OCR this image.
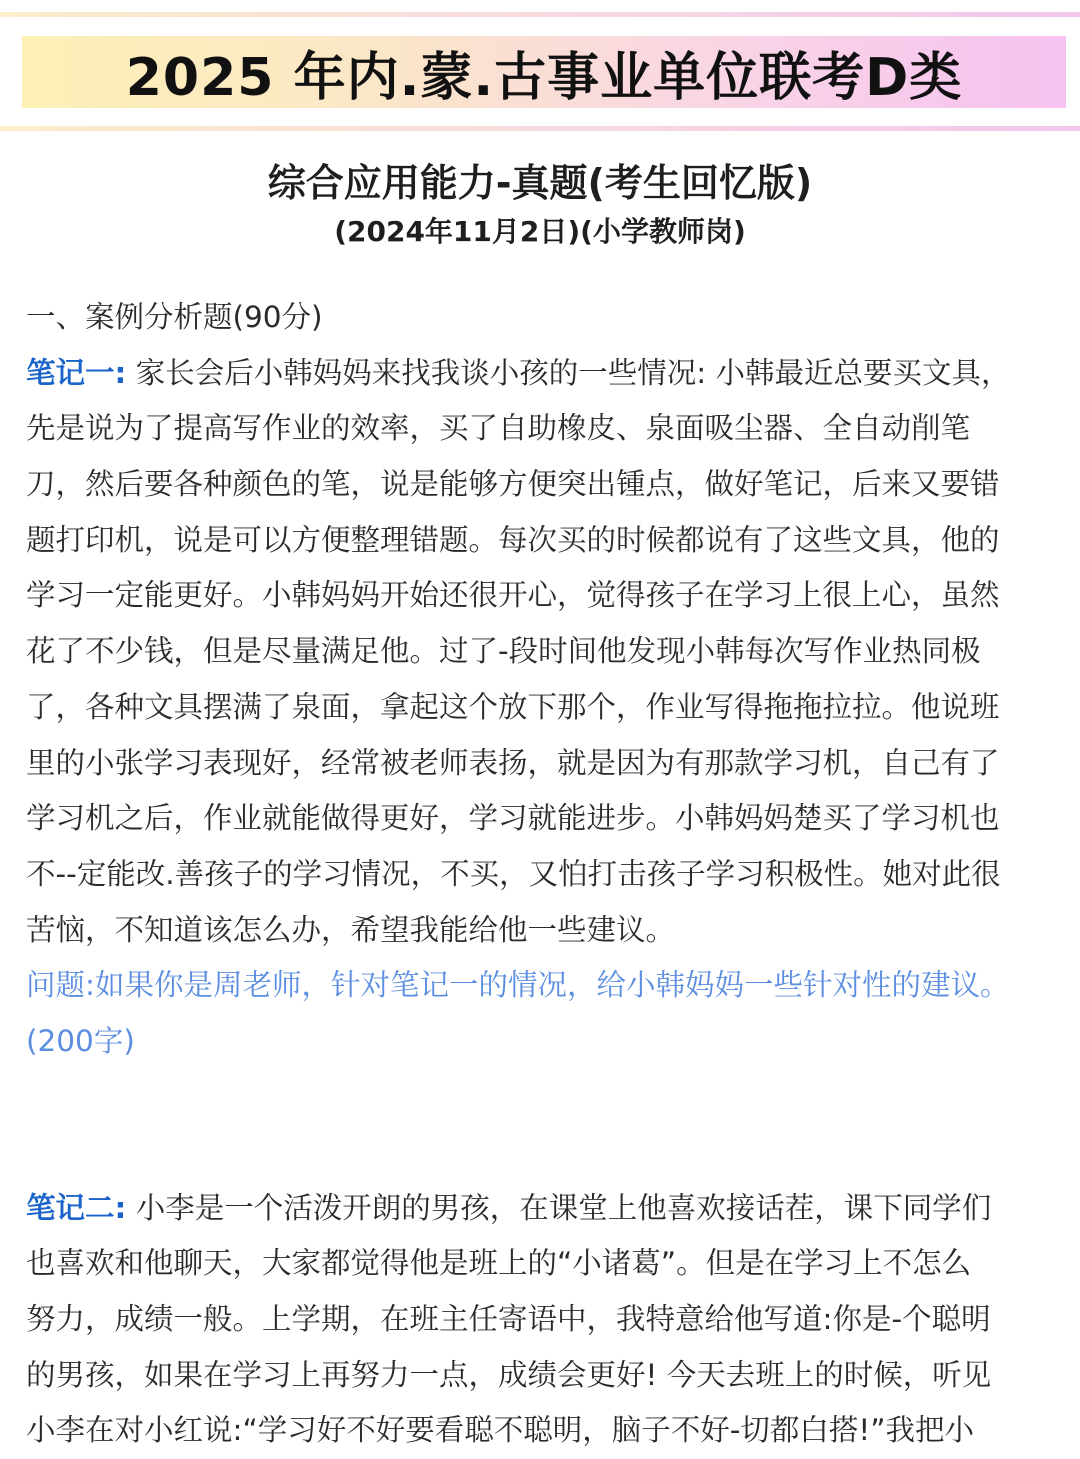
2025 年内.蒙.古事业单位联考D类
综合应用能力-真题(考生回忆版)
(2024年11月2日)(小学教师岗)
一、案例分析题(90分)
笔记一: 家长会后小韩妈妈来找我谈小孩的一些情况: 小韩最近总要买文具，
先是说为了提高写作业的效率，买了自助橡皮、泉面吸尘器、全自动削笔
刀，然后要各种颜色的笔，说是能够方便突出锺点，做好笔记，后来又要错
题打印机，说是可以方便整理错题。每次买的时候都说有了这些文具，他的
学习一定能更好。小韩妈妈开始还很开心，觉得孩子在学习上很上心，虽然
花了不少钱，但是尽量满足他。过了-段时间他发现小韩每次写作业热同极
了，各种文具摆满了泉面，拿起这个放下那个，作业写得拖拖拉拉。他说班
里的小张学习表现好，经常被老师表扬，就是因为有那款学习机，自己有了
学习机之后，作业就能做得更好，学习就能进步。小韩妈妈楚买了学习机也
不--定能改.善孩子的学习情况，不买，又怕打击孩子学习积极性。她对此很
苦恼，不知道该怎么办，希望我能给他一些建议。
问题:如果你是周老师，针对笔记一的情况，给小韩妈妈一些针对性的建议。
(200字)
笔记二: 小李是一个活泼开朗的男孩，在课堂上他喜欢接话茬，课下同学们
也喜欢和他聊天，大家都觉得他是班上的“小诸葛”。但是在学习上不怎么
努力，成绩一般。上学期，在班主任寄语中，我特意给他写道:你是-个聪明
的男孩，如果在学习上再努力一点，成绩会更好! 今天去班上的时候，听见
小李在对小红说:“学习好不好要看聪不聪明，脑子不好-切都白搭!”我把小
